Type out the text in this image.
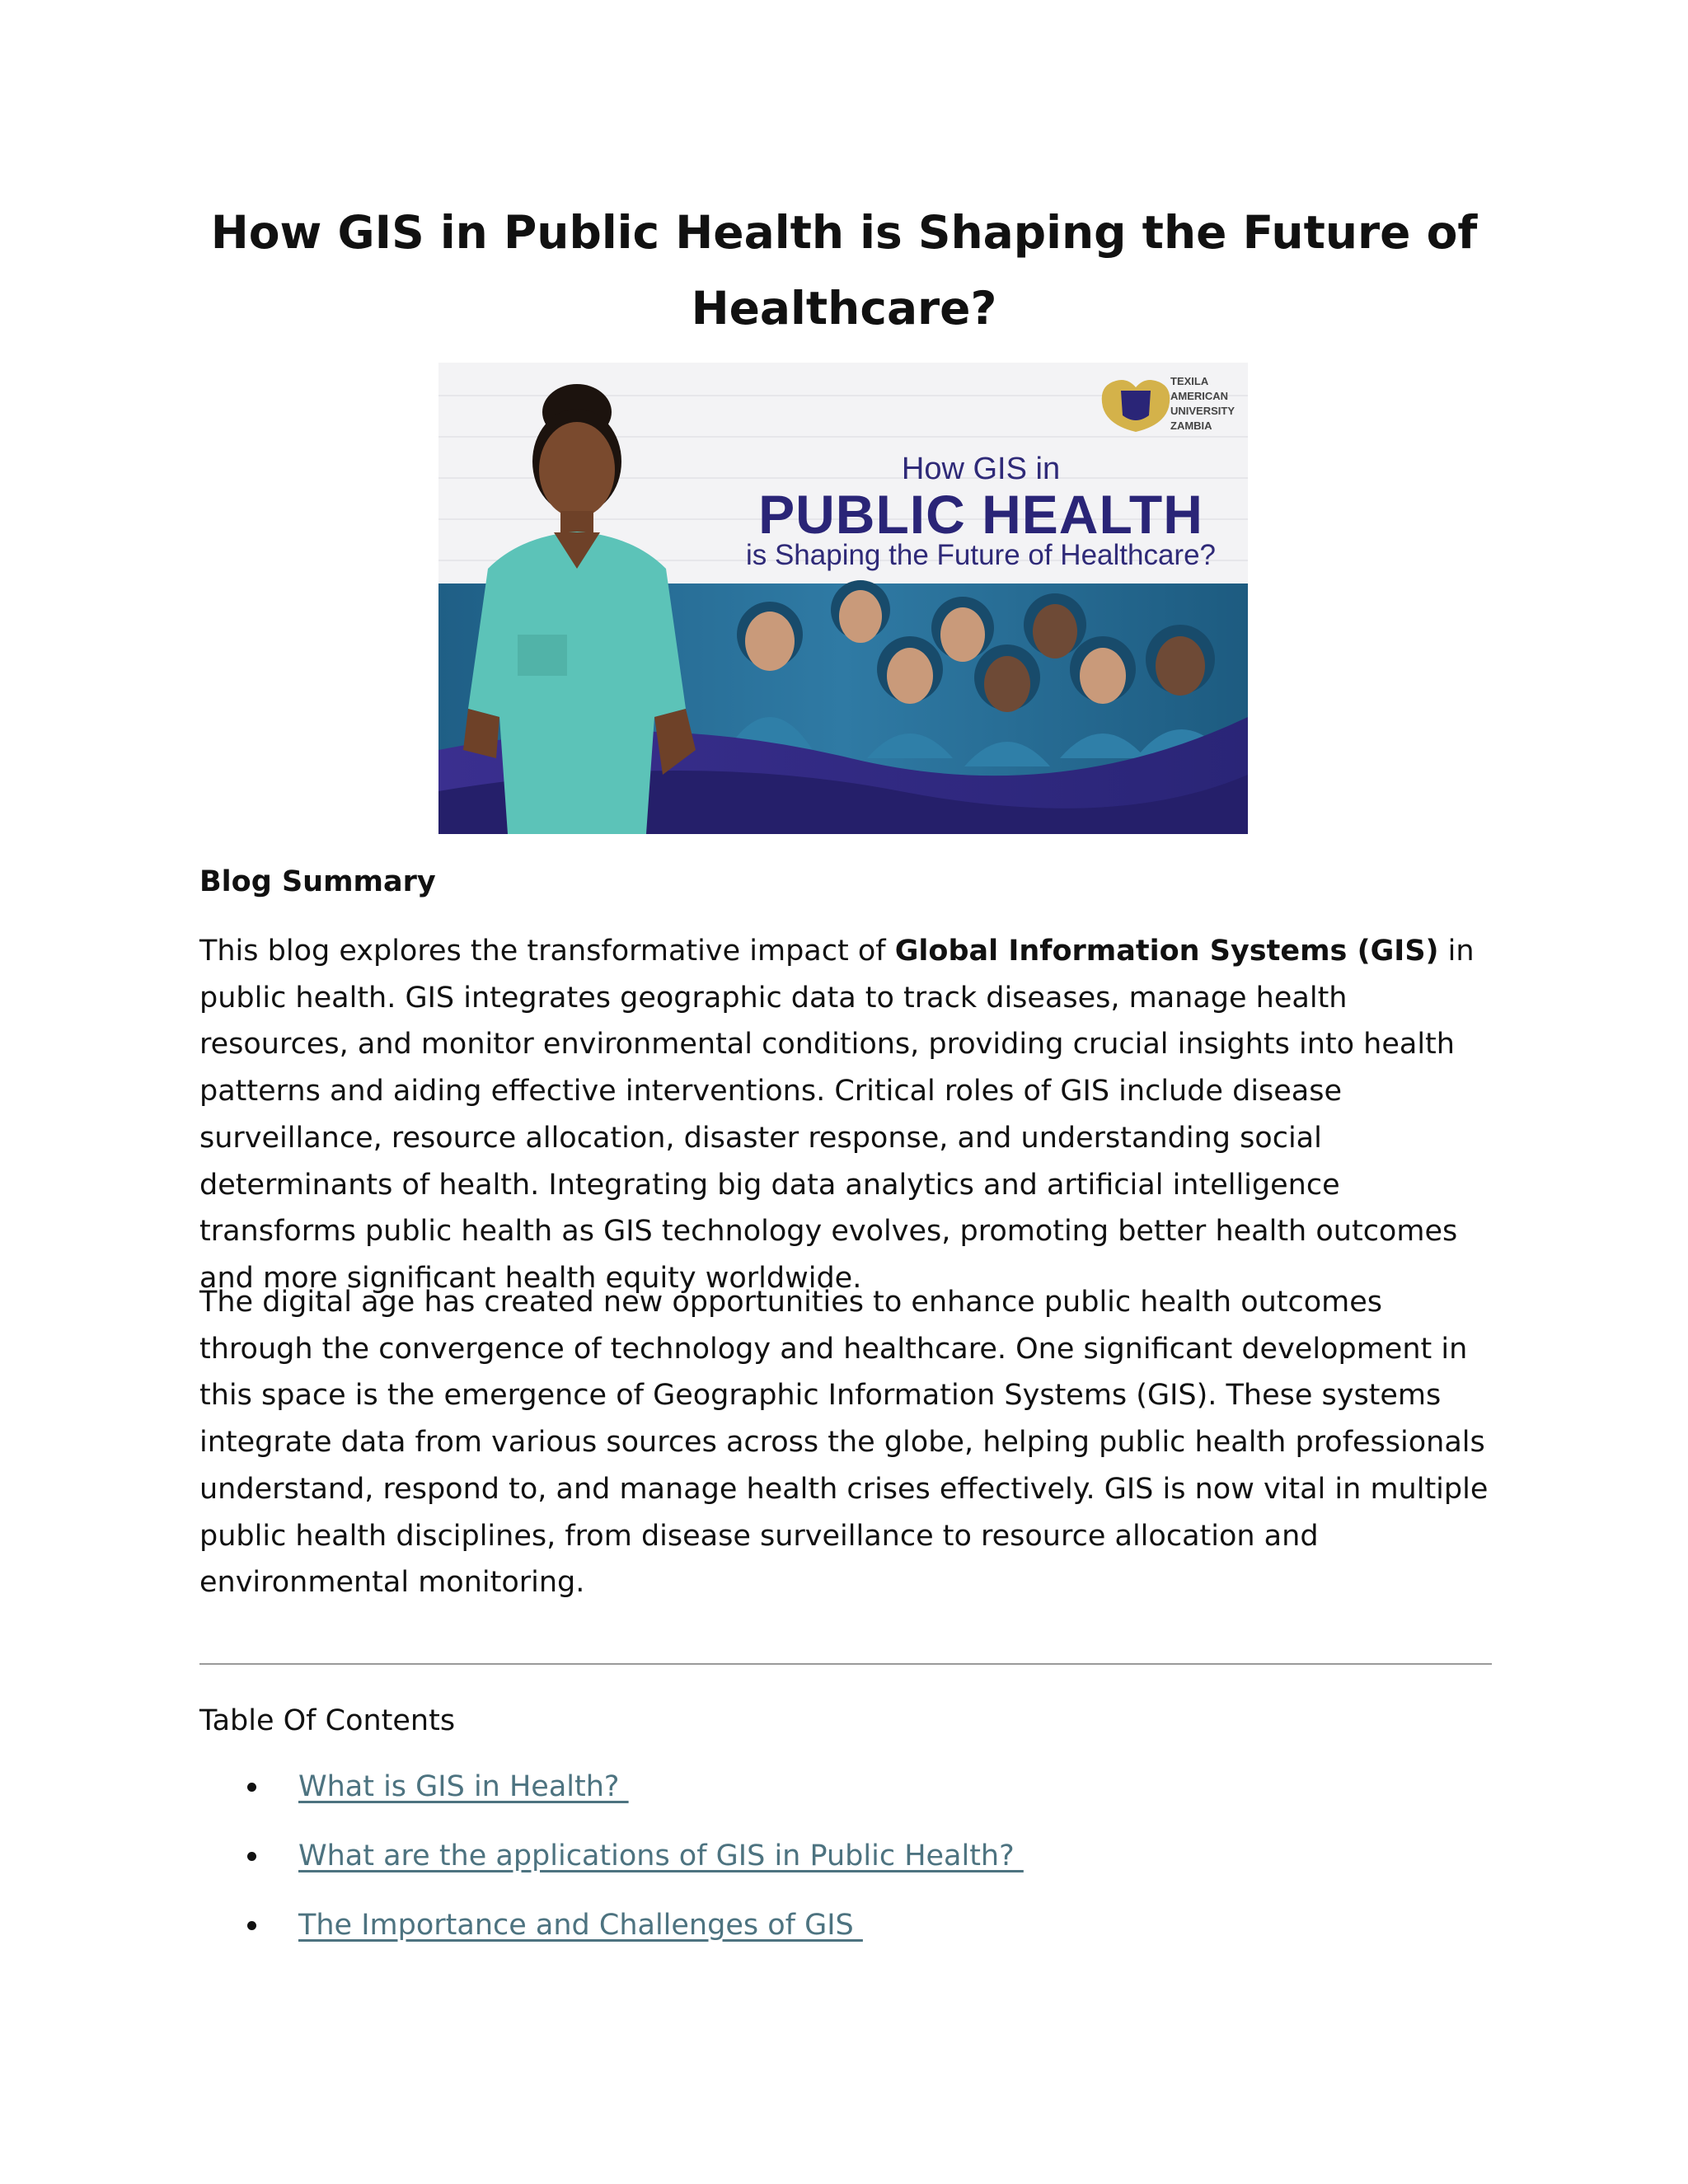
How GIS in Public Health is Shaping the Future of Healthcare?
TEXILA
AMERICAN
UNIVERSITY
ZAMBIA

How GIS in

PUBLIC HEALTH

is Shaping the Future of Healthcare?

Blog Summary

This blog explores the transformative impact of Global Information Systems (GIS) in public health. GIS integrates geographic data to track diseases, manage health resources, and monitor environmental conditions, providing crucial insights into health patterns and aiding effective interventions. Critical roles of GIS include disease surveillance, resource allocation, disaster response, and understanding social determinants of health. Integrating big data analytics and artificial intelligence transforms public health as GIS technology evolves, promoting better health outcomes and more significant health equity worldwide.

The digital age has created new opportunities to enhance public health outcomes through the convergence of technology and healthcare. One significant development in this space is the emergence of Geographic Information Systems (GIS). These systems integrate data from various sources across the globe, helping public health professionals understand, respond to, and manage health crises effectively. GIS is now vital in multiple public health disciplines, from disease surveillance to resource allocation and environmental monitoring.

Table Of Contents
What is GIS in Health?
What are the applications of GIS in Public Health?
The Importance and Challenges of GIS
